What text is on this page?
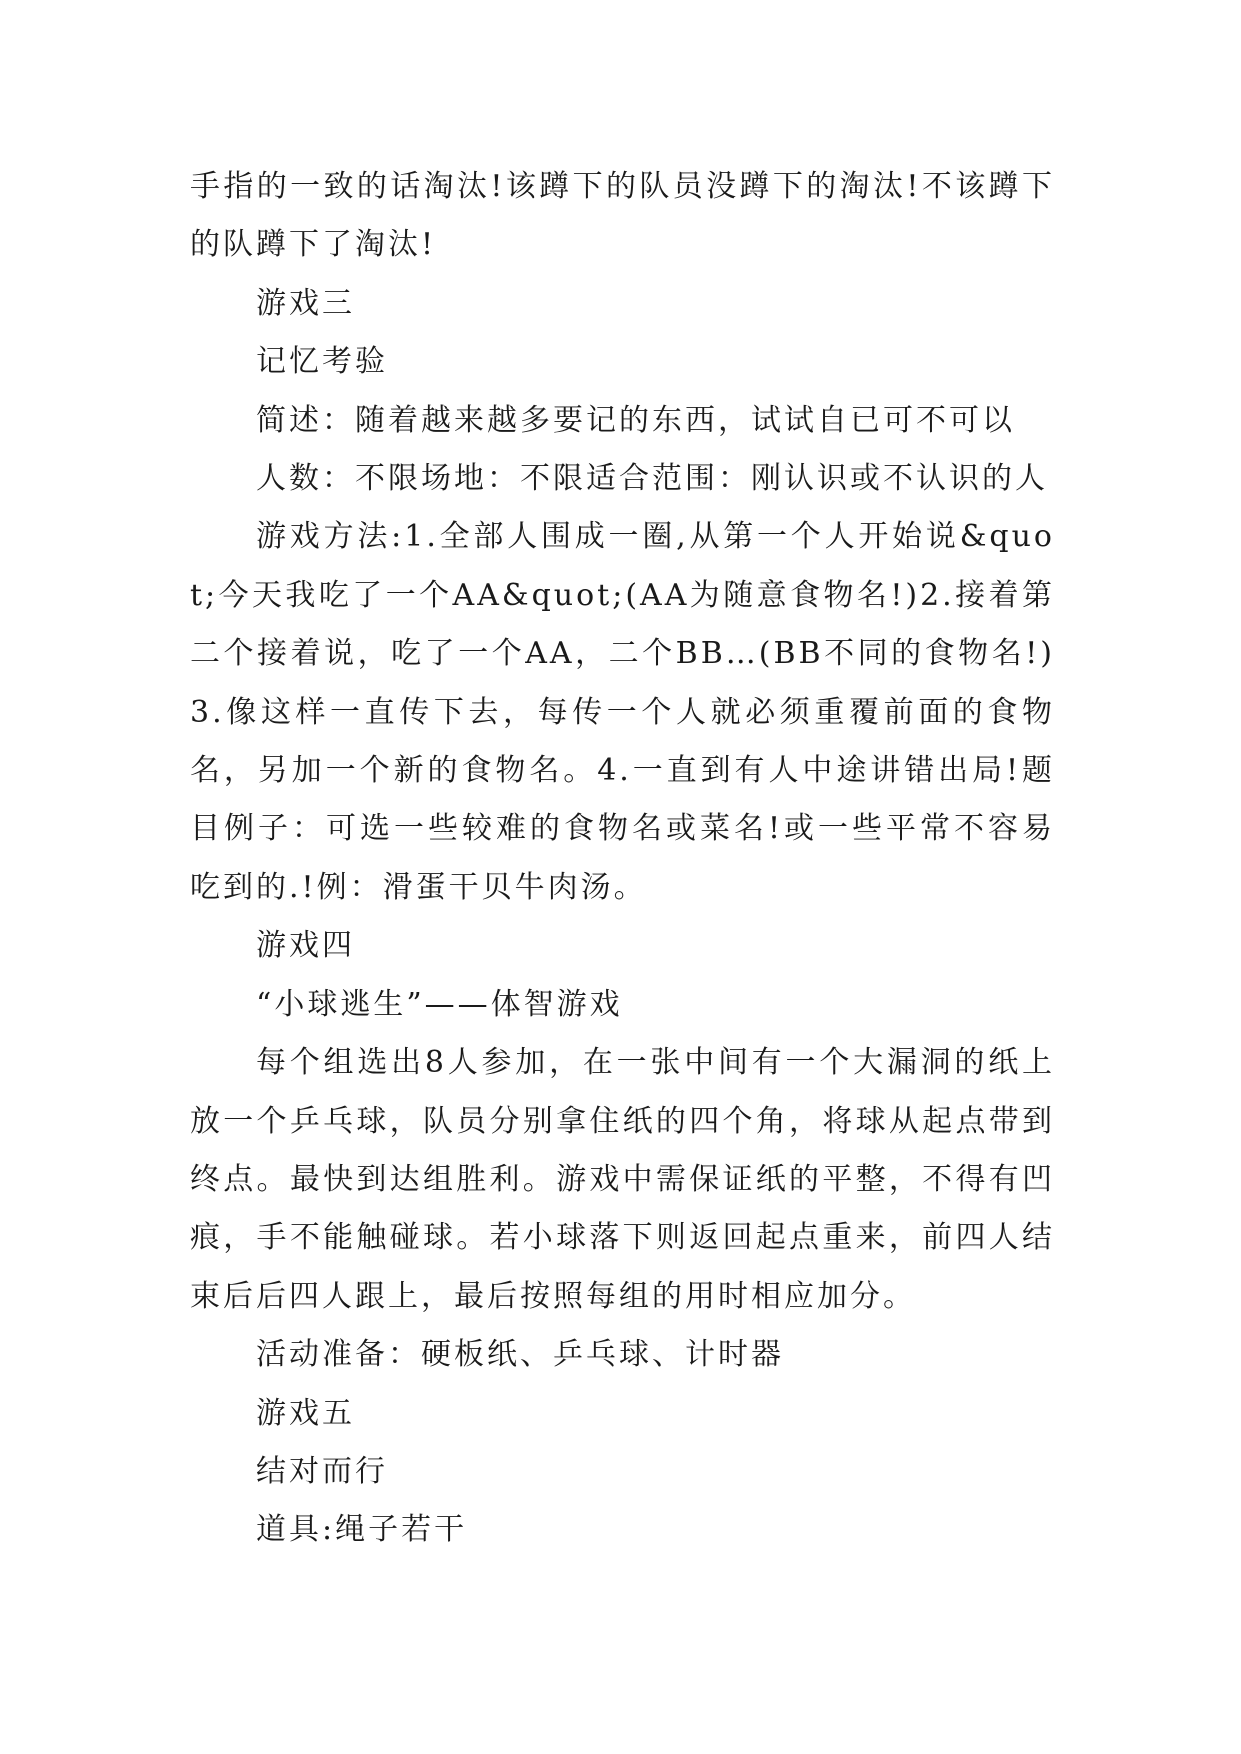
手指的一致的话淘汰!该蹲下的队员没蹲下的淘汰!不该蹲下的队蹲下了淘汰!

游戏三

记忆考验

简述：随着越来越多要记的东西，试试自已可不可以

人数：不限场地：不限适合范围：刚认识或不认识的人

游戏方法:1.全部人围成一圈,从第一个人开始说&quot;今天我吃了一个AA&quot;(AA为随意食物名!)2.接着第二个接着说，吃了一个AA，二个BB…(BB不同的食物名!)3.像这样一直传下去，每传一个人就必须重覆前面的食物名，另加一个新的食物名。4.一直到有人中途讲错出局!题目例子：可选一些较难的食物名或菜名!或一些平常不容易吃到的.!例：滑蛋干贝牛肉汤。

游戏四

“小球逃生”——体智游戏

每个组选出8人参加，在一张中间有一个大漏洞的纸上放一个乒乓球，队员分别拿住纸的四个角，将球从起点带到终点。最快到达组胜利。游戏中需保证纸的平整，不得有凹痕，手不能触碰球。若小球落下则返回起点重来，前四人结束后后四人跟上，最后按照每组的用时相应加分。

活动准备：硬板纸、乒乓球、计时器

游戏五

结对而行

道具:绳子若干
